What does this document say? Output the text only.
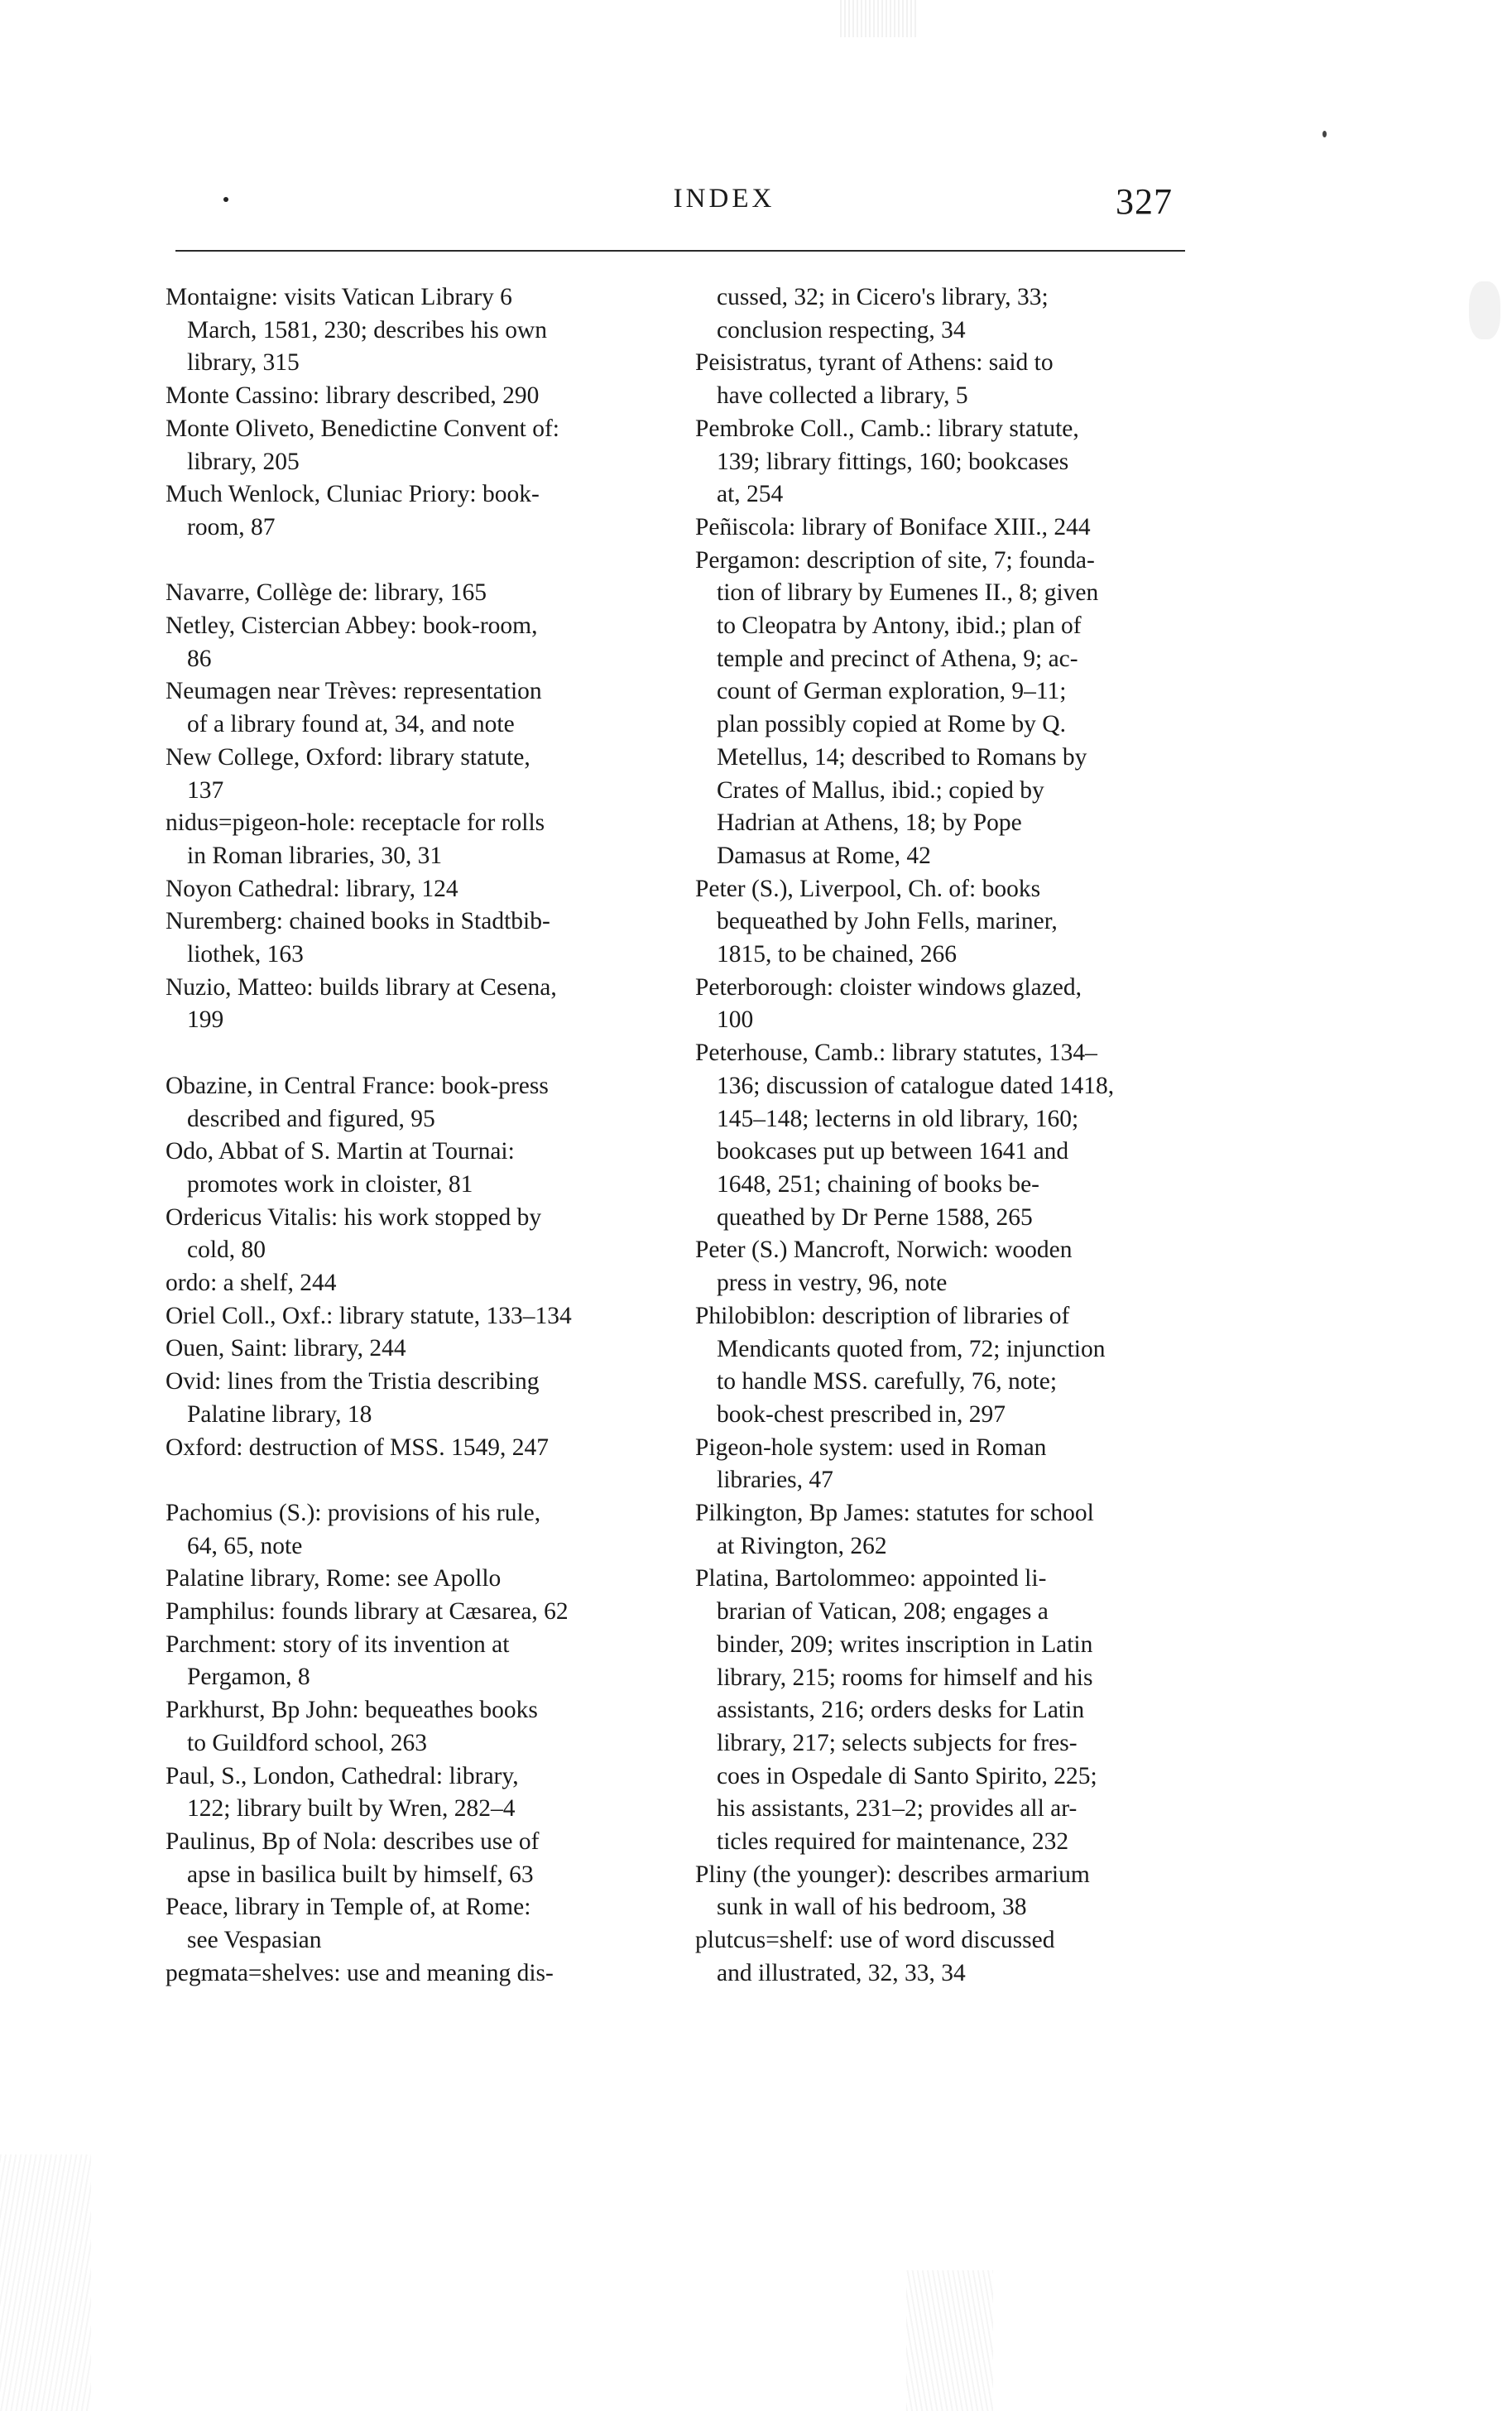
INDEX	327
Montaigne: visits Vatican Library 6
March, 1581, 230; describes his own
library, 315
Monte Cassino: library described, 290
Monte Oliveto, Benedictine Convent of:
library, 205
Much Wenlock, Cluniac Priory: book-
room, 87
Navarre, Collège de: library, 165
Netley, Cistercian Abbey: book-room,
86
Neumagen near Trèves: representation
of a library found at, 34, and note
New College, Oxford: library statute,
137
nidus=pigeon-hole: receptacle for rolls
in Roman libraries, 30, 31
Noyon Cathedral: library, 124
Nuremberg: chained books in Stadtbib-
liothek, 163
Nuzio, Matteo: builds library at Cesena,
199
Obazine, in Central France: book-press
described and figured, 95
Odo, Abbat of S. Martin at Tournai:
promotes work in cloister, 81
Ordericus Vitalis: his work stopped by
cold, 80
ordo: a shelf, 244
Oriel Coll., Oxf.: library statute, 133–134
Ouen, Saint: library, 244
Ovid: lines from the Tristia describing
Palatine library, 18
Oxford: destruction of MSS. 1549, 247
Pachomius (S.): provisions of his rule,
64, 65, note
Palatine library, Rome: see Apollo
Pamphilus: founds library at Cæsarea, 62
Parchment: story of its invention at
Pergamon, 8
Parkhurst, Bp John: bequeathes books
to Guildford school, 263
Paul, S., London, Cathedral: library,
122; library built by Wren, 282–4
Paulinus, Bp of Nola: describes use of
apse in basilica built by himself, 63
Peace, library in Temple of, at Rome:
see Vespasian
pegmata=shelves: use and meaning dis-
cussed, 32; in Cicero's library, 33;
conclusion respecting, 34
Peisistratus, tyrant of Athens: said to
have collected a library, 5
Pembroke Coll., Camb.: library statute,
139; library fittings, 160; bookcases
at, 254
Peñiscola: library of Boniface XIII., 244
Pergamon: description of site, 7; founda-
tion of library by Eumenes II., 8; given
to Cleopatra by Antony, ibid.; plan of
temple and precinct of Athena, 9; ac-
count of German exploration, 9–11;
plan possibly copied at Rome by Q.
Metellus, 14; described to Romans by
Crates of Mallus, ibid.; copied by
Hadrian at Athens, 18; by Pope
Damasus at Rome, 42
Peter (S.), Liverpool, Ch. of: books
bequeathed by John Fells, mariner,
1815, to be chained, 266
Peterborough: cloister windows glazed,
100
Peterhouse, Camb.: library statutes, 134–
136; discussion of catalogue dated 1418,
145–148; lecterns in old library, 160;
bookcases put up between 1641 and
1648, 251; chaining of books be-
queathed by Dr Perne 1588, 265
Peter (S.) Mancroft, Norwich: wooden
press in vestry, 96, note
Philobiblon: description of libraries of
Mendicants quoted from, 72; injunction
to handle MSS. carefully, 76, note;
book-chest prescribed in, 297
Pigeon-hole system: used in Roman
libraries, 47
Pilkington, Bp James: statutes for school
at Rivington, 262
Platina, Bartolommeo: appointed li-
brarian of Vatican, 208; engages a
binder, 209; writes inscription in Latin
library, 215; rooms for himself and his
assistants, 216; orders desks for Latin
library, 217; selects subjects for fres-
coes in Ospedale di Santo Spirito, 225;
his assistants, 231–2; provides all ar-
ticles required for maintenance, 232
Pliny (the younger): describes armarium
sunk in wall of his bedroom, 38
plutcus=shelf: use of word discussed
and illustrated, 32, 33, 34
